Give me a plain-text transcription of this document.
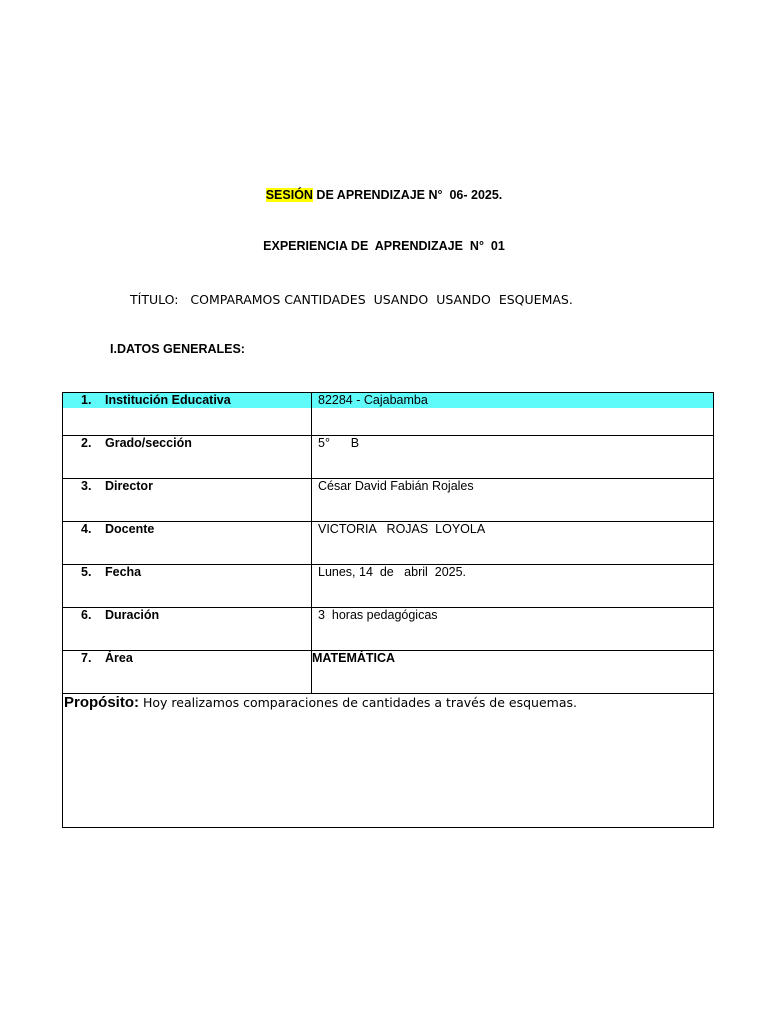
SESIÓN DE APRENDIZAJE N°  06- 2025.
EXPERIENCIA DE  APRENDIZAJE  N°  01
TÍTULO:   COMPARAMOS CANTIDADES  USANDO  USANDO  ESQUEMAS.
I.DATOS GENERALES:
1. Institución Educativa	82284 - Cajabamba

2. Grado/sección	5°      B

3. Director	César David Fabián Rojales

4. Docente	VICTORIA   ROJAS  LOYOLA

5. Fecha	Lunes, 14  de   abril  2025.

6. Duración	3  horas pedagógicas

7. Área	MATEMÁTICA

Propósito: Hoy realizamos comparaciones de cantidades a través de esquemas.	
